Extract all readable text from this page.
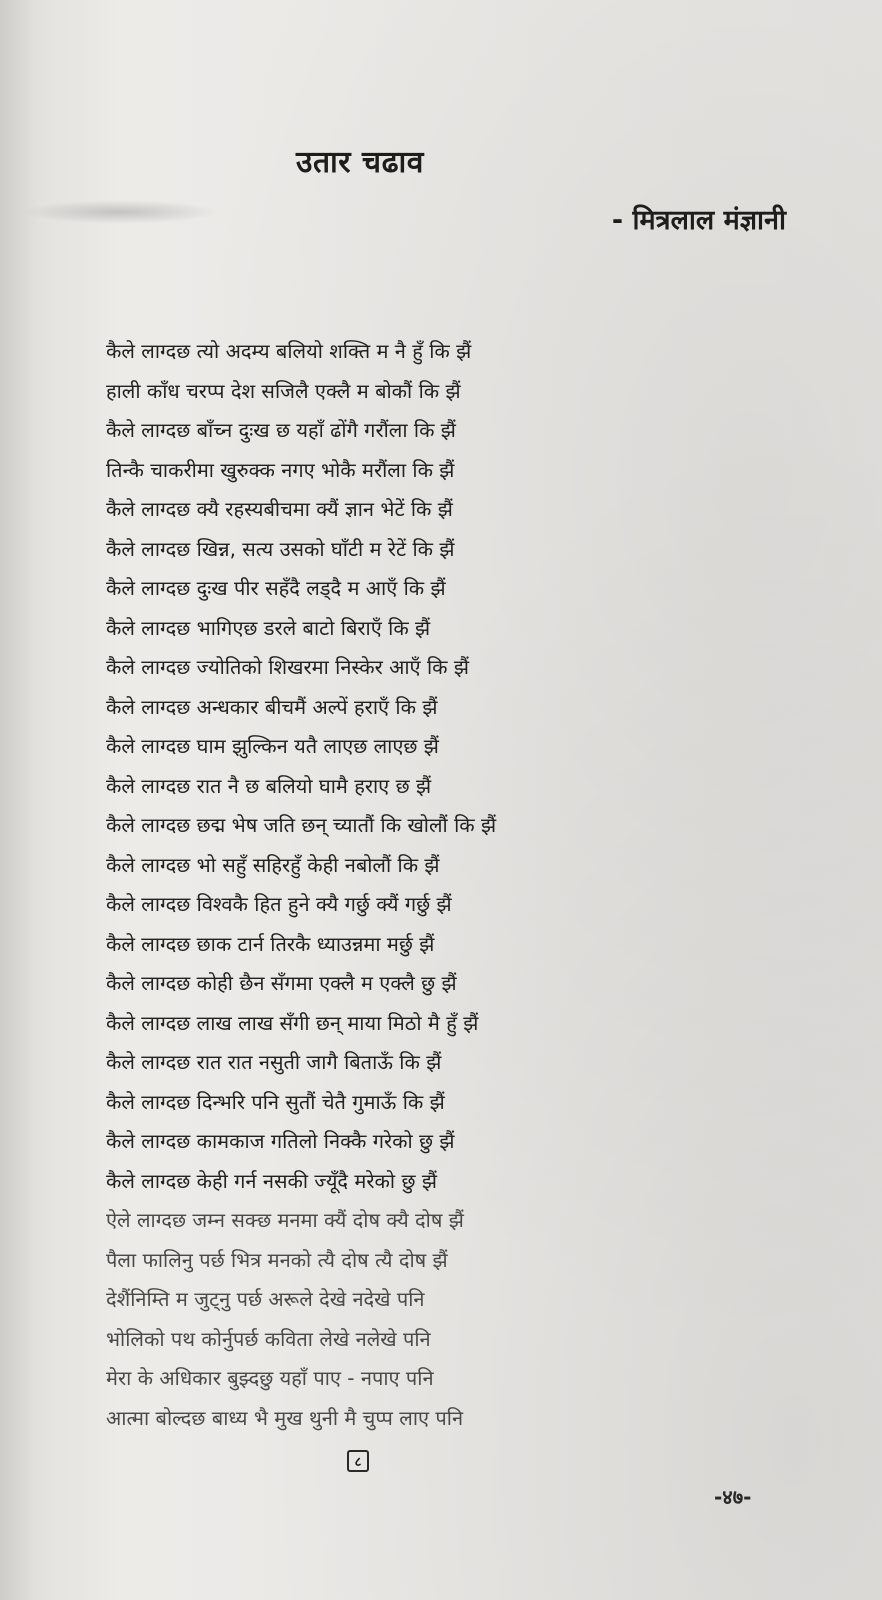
उतार चढाव
- मित्रलाल मंज्ञानी
कैले लाग्दछ त्यो अदम्य बलियो शक्ति म नै हुँ कि झैं
हाली काँध चरप्प देश सजिलै एक्लै म बोकौं कि झैं
कैले लाग्दछ बाँच्न दुःख छ यहाँ ढोंगै गरौंला कि झैं
तिन्कै चाकरीमा खुरुक्क नगए भोकै मरौंला कि झैं
कैले लाग्दछ क्यै रहस्यबीचमा क्यैं ज्ञान भेटें कि झैं
कैले लाग्दछ खिन्न, सत्य उसको घाँटी म रेटें कि झैं
कैले लाग्दछ दुःख पीर सहँदै लड्दै म आएँ कि झैं
कैले लाग्दछ भागिएछ डरले बाटो बिराएँ कि झैं
कैले लाग्दछ ज्योतिको शिखरमा निस्केर आएँ कि झैं
कैले लाग्दछ अन्धकार बीचमैं अल्पें हराएँ कि झैं
कैले लाग्दछ घाम झुल्किन यतै लाएछ लाएछ झैं
कैले लाग्दछ रात नै छ बलियो घामै हराए छ झैं
कैले लाग्दछ छद्म भेष जति छन् च्यातौं कि खोलौं कि झैं
कैले लाग्दछ भो सहुँ सहिरहुँ केही नबोलौं कि झैं
कैले लाग्दछ विश्वकै हित हुने क्यै गर्छु क्यैं गर्छु झैं
कैले लाग्दछ छाक टार्न तिरकै ध्याउन्नमा मर्छु झैं
कैले लाग्दछ कोही छैन सँगमा एक्लै म एक्लै छु झैं
कैले लाग्दछ लाख लाख सँगी छन् माया मिठो मै हुँ झैं
कैले लाग्दछ रात रात नसुती जागै बिताऊँ कि झैं
कैले लाग्दछ दिन्भरि पनि सुतौं चेतै गुमाऊँ कि झैं
कैले लाग्दछ कामकाज गतिलो निक्कै गरेको छु झैं
कैले लाग्दछ केही गर्न नसकी ज्यूँदै मरेको छु झैं
ऐले लाग्दछ जम्न सक्छ मनमा क्यैं दोष क्यै दोष झैं
पैला फालिनु पर्छ भित्र मनको त्यै दोष त्यै दोष झैं
देशैंनिम्ति म जुट्नु पर्छ अरूले देखे नदेखे पनि
भोलिको पथ कोर्नुपर्छ कविता लेखे नलेखे पनि
मेरा के अधिकार बुझ्दछु यहाँ पाए - नपाए पनि
आत्मा बोल्दछ बाध्य भै मुख थुनी मै चुप्प लाए पनि
८
-४७-
